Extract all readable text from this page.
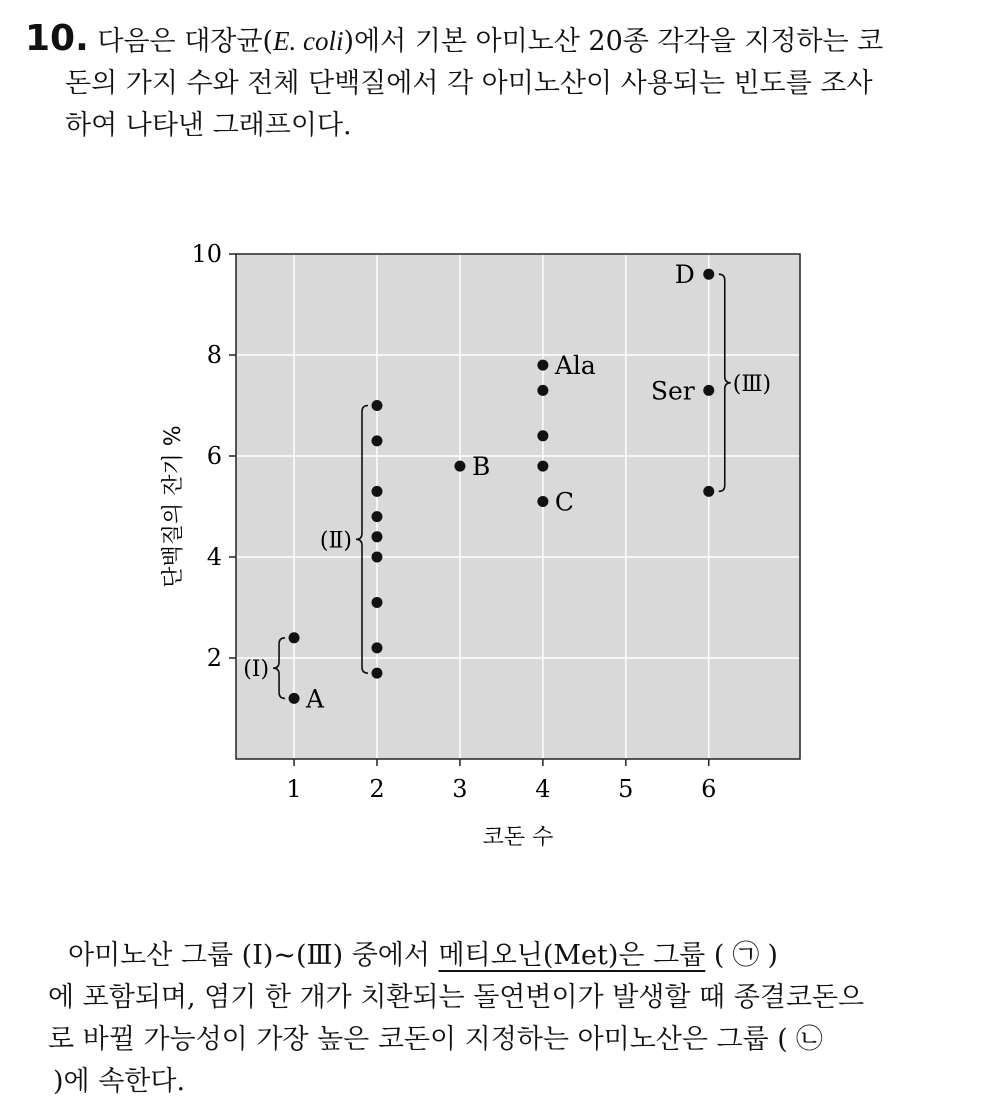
10. 다음은 대장균(E. coli)에서 기본 아미노산 20종 각각을 지정하는 코
돈의 가지 수와 전체 단백질에서 각 아미노산이 사용되는 빈도를 조사
하여 나타낸 그래프이다.
1	2	3	4	5	6
2
4
6
8
10
A
B
Ala
C
D
Ser
(Ⅰ)
(Ⅱ)
(Ⅲ)
코돈 수
단백질의 잔기 %
아미노산 그룹 (Ⅰ)~(Ⅲ) 중에서 메티오닌(Met)은 그룹 ( ㉠ )
에 포함되며, 염기 한 개가 치환되는 돌연변이가 발생할 때 종결코돈으
로 바뀔 가능성이 가장 높은 코돈이 지정하는 아미노산은 그룹 ( ㉡
)에 속한다.
